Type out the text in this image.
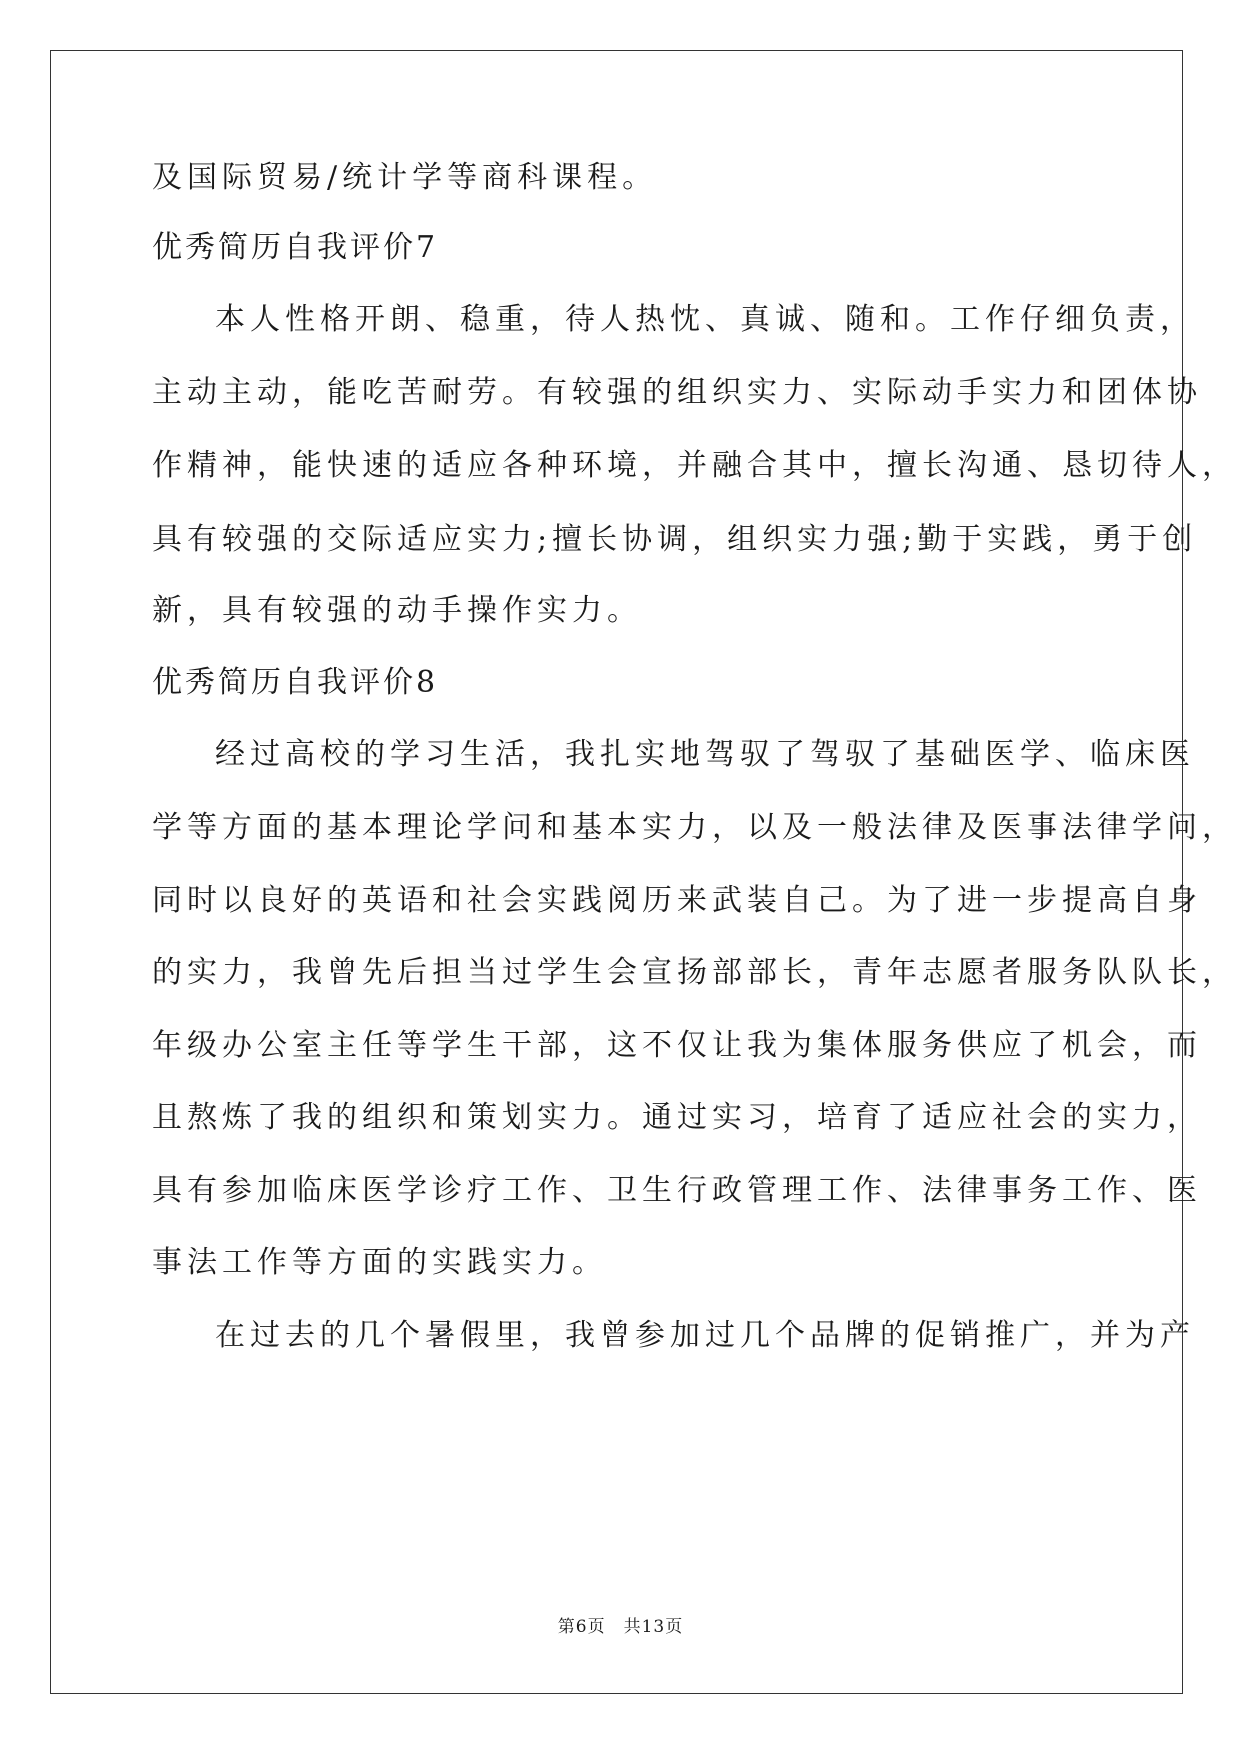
及国际贸易/统计学等商科课程。
优秀简历自我评价7
本人性格开朗、稳重，待人热忱、真诚、随和。工作仔细负责，
主动主动，能吃苦耐劳。有较强的组织实力、实际动手实力和团体协
作精神，能快速的适应各种环境，并融合其中，擅长沟通、恳切待人，
具有较强的交际适应实力;擅长协调，组织实力强;勤于实践，勇于创
新，具有较强的动手操作实力。
优秀简历自我评价8
经过高校的学习生活，我扎实地驾驭了驾驭了基础医学、临床医
学等方面的基本理论学问和基本实力，以及一般法律及医事法律学问，
同时以良好的英语和社会实践阅历来武装自己。为了进一步提高自身
的实力，我曾先后担当过学生会宣扬部部长，青年志愿者服务队队长，
年级办公室主任等学生干部，这不仅让我为集体服务供应了机会，而
且熬炼了我的组织和策划实力。通过实习，培育了适应社会的实力，
具有参加临床医学诊疗工作、卫生行政管理工作、法律事务工作、医
事法工作等方面的实践实力。
在过去的几个暑假里，我曾参加过几个品牌的促销推广，并为产
第6页 共13页
